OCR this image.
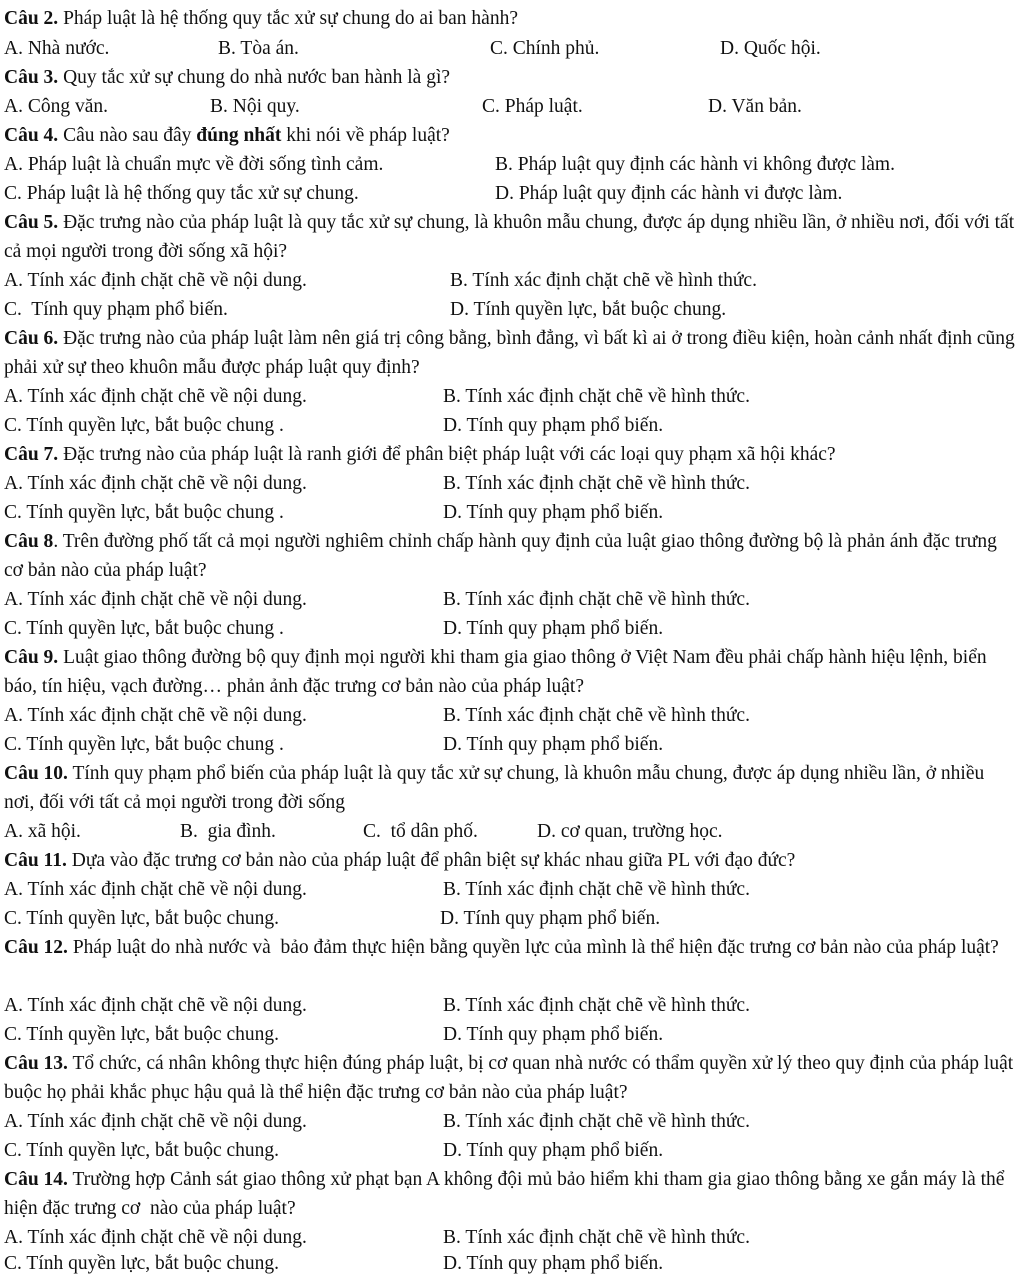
Câu 2. Pháp luật là hệ thống quy tắc xử sự chung do ai ban hành?
A. Nhà nước.	B. Tòa án.	C. Chính phủ.	D. Quốc hội.
Câu 3. Quy tắc xử sự chung do nhà nước ban hành là gì?
A. Công văn.	B. Nội quy.	C. Pháp luật.	D. Văn bản.
Câu 4. Câu nào sau đây đúng nhất khi nói về pháp luật?
A. Pháp luật là chuẩn mực về đời sống tình cảm.	B. Pháp luật quy định các hành vi không được làm.
C. Pháp luật là hệ thống quy tắc xử sự chung.	D. Pháp luật quy định các hành vi được làm.
Câu 5. Đặc trưng nào của pháp luật là quy tắc xử sự chung, là khuôn mẫu chung, được áp dụng nhiều lần, ở nhiều nơi, đối với tất cả mọi người trong đời sống xã hội?
A. Tính xác định chặt chẽ về nội dung.	B. Tính xác định chặt chẽ về hình thức.
C.  Tính quy phạm phổ biến.	D. Tính quyền lực, bắt buộc chung.
Câu 6. Đặc trưng nào của pháp luật làm nên giá trị công bằng, bình đẳng, vì bất kì ai ở trong điều kiện, hoàn cảnh nhất định cũng phải xử sự theo khuôn mẫu được pháp luật quy định?
A. Tính xác định chặt chẽ về nội dung.	B. Tính xác định chặt chẽ về hình thức.
C. Tính quyền lực, bắt buộc chung .	D. Tính quy phạm phổ biến.
Câu 7. Đặc trưng nào của pháp luật là ranh giới để phân biệt pháp luật với các loại quy phạm xã hội khác?
A. Tính xác định chặt chẽ về nội dung.	B. Tính xác định chặt chẽ về hình thức.
C. Tính quyền lực, bắt buộc chung .	D. Tính quy phạm phổ biến.
Câu 8. Trên đường phố tất cả mọi người nghiêm chỉnh chấp hành quy định của luật giao thông đường bộ là phản ánh đặc trưng cơ bản nào của pháp luật?
A. Tính xác định chặt chẽ về nội dung.	B. Tính xác định chặt chẽ về hình thức.
C. Tính quyền lực, bắt buộc chung .	D. Tính quy phạm phổ biến.
Câu 9. Luật giao thông đường bộ quy định mọi người khi tham gia giao thông ở Việt Nam đều phải chấp hành hiệu lệnh, biển báo, tín hiệu, vạch đường… phản ảnh đặc trưng cơ bản nào của pháp luật?
A. Tính xác định chặt chẽ về nội dung.	B. Tính xác định chặt chẽ về hình thức.
C. Tính quyền lực, bắt buộc chung .	D. Tính quy phạm phổ biến.
Câu 10. Tính quy phạm phổ biến của pháp luật là quy tắc xử sự chung, là khuôn mẫu chung, được áp dụng nhiều lần, ở nhiều nơi, đối với tất cả mọi người trong đời sống
A. xã hội.	B.  gia đình.	C.  tổ dân phố.	D. cơ quan, trường học.
Câu 11. Dựa vào đặc trưng cơ bản nào của pháp luật để phân biệt sự khác nhau giữa PL với đạo đức?
A. Tính xác định chặt chẽ về nội dung.	B. Tính xác định chặt chẽ về hình thức.
C. Tính quyền lực, bắt buộc chung.	D. Tính quy phạm phổ biến.
Câu 12. Pháp luật do nhà nước và  bảo đảm thực hiện bằng quyền lực của mình là thể hiện đặc trưng cơ bản nào của pháp luật?
A. Tính xác định chặt chẽ về nội dung.	B. Tính xác định chặt chẽ về hình thức.
C. Tính quyền lực, bắt buộc chung.	D. Tính quy phạm phổ biến.
Câu 13. Tổ chức, cá nhân không thực hiện đúng pháp luật, bị cơ quan nhà nước có thẩm quyền xử lý theo quy định của pháp luật buộc họ phải khắc phục hậu quả là thể hiện đặc trưng cơ bản nào của pháp luật?
A. Tính xác định chặt chẽ về nội dung.	B. Tính xác định chặt chẽ về hình thức.
C. Tính quyền lực, bắt buộc chung.	D. Tính quy phạm phổ biến.
Câu 14. Trường hợp Cảnh sát giao thông xử phạt bạn A không đội mủ bảo hiểm khi tham gia giao thông bằng xe gắn máy là thể hiện đặc trưng cơ  nào của pháp luật?
A. Tính xác định chặt chẽ về nội dung.	B. Tính xác định chặt chẽ về hình thức.
C. Tính quyền lực, bắt buộc chung.	D. Tính quy phạm phổ biến.
